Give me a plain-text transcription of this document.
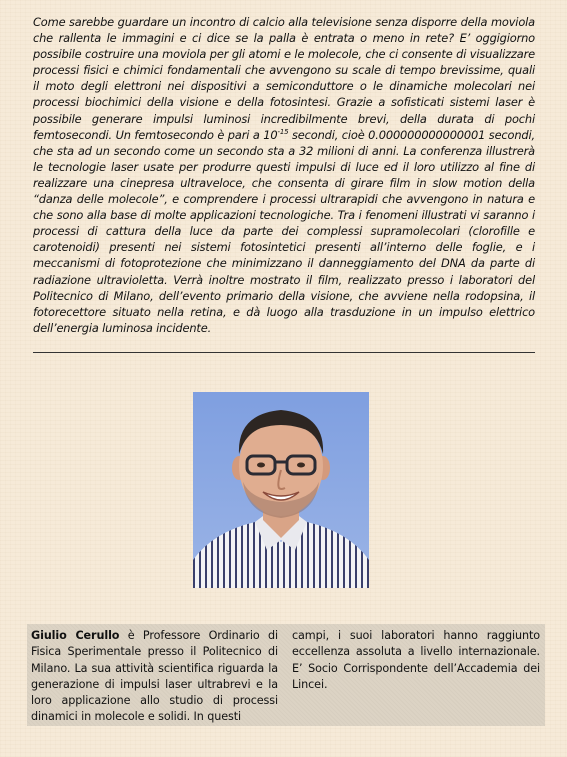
Come sarebbe guardare un incontro di calcio alla televisione senza disporre della moviola che rallenta le immagini e ci dice se la palla è entrata o meno in rete? E’ oggigiorno possibile costruire una moviola per gli atomi e le molecole, che ci consente di visualizzare processi fisici e chimici fondamentali che avvengono su scale di tempo brevissime, quali il moto degli elettroni nei dispositivi a semiconduttore o le dinamiche molecolari nei processi biochimici della visione e della fotosintesi. Grazie a sofisticati sistemi laser è possibile generare impulsi luminosi incredibilmente brevi, della durata di pochi femtosecondi. Un femtosecondo è pari a $10^{-15}$ secondi, cioè 0.000000000000001 secondi, che sta ad un secondo come un secondo sta a 32 milioni di anni. La conferenza illustrerà le tecnologie laser usate per produrre questi impulsi di luce ed il loro utilizzo al fine di realizzare una cinepresa ultraveloce, che consenta di girare film in slow motion della “danza delle molecole”, e comprendere i processi ultrarapidi che avvengono in natura e che sono alla base di molte applicazioni tecnologiche. Tra i fenomeni illustrati vi saranno i processi di cattura della luce da parte dei complessi supramolecolari (clorofille e carotenoidi) presenti nei sistemi fotosintetici presenti all’interno delle foglie, e i meccanismi di fotoprotezione che minimizzano il danneggiamento del DNA da parte di radiazione ultravioletta. Verrà inoltre mostrato il film, realizzato presso i laboratori del Politecnico di Milano, dell’evento primario della visione, che avviene nella rodopsina, il fotorecettore situato nella retina, e dà luogo alla trasduzione in un impulso elettrico dell’energia luminosa incidente.

Giulio Cerullo è Professore Ordinario di Fisica Sperimentale presso il Politecnico di Milano. La sua attività scientifica riguarda la generazione di impulsi laser ultrabrevi e la loro applicazione allo studio di processi dinamici in molecole e solidi. In questi

campi, i suoi laboratori hanno raggiunto eccellenza assoluta a livello internazionale. E’ Socio Corrispondente dell’Accademia dei Lincei.
